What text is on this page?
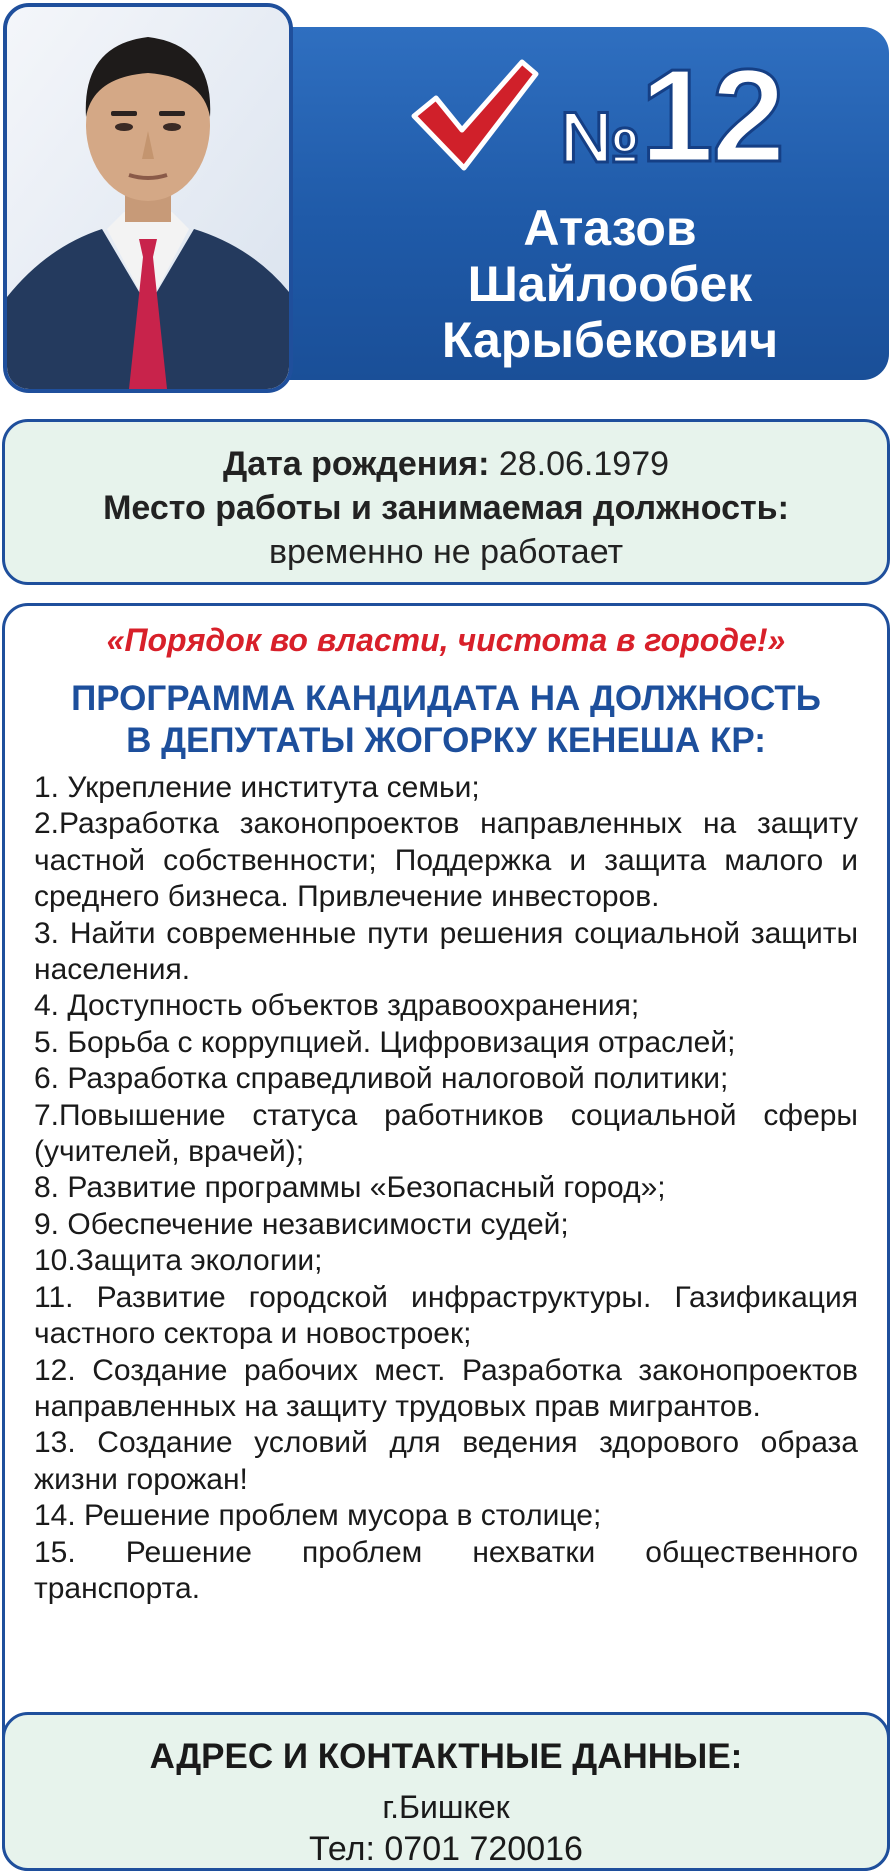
№ 12
Атазов
Шайлообек
Карыбекович
Дата рождения: 28.06.1979
Место работы и занимаемая должность:
временно не работает
«Порядок во власти, чистота в городе!»
ПРОГРАММА КАНДИДАТА НА ДОЛЖНОСТЬ
В ДЕПУТАТЫ ЖОГОРКУ КЕНЕША КР:
1. Укрепление института семьи;
2.Разработка законопроектов направленных на защиту частной собственности; Поддержка и защита малого и среднего бизнеса. Привлечение инвесторов.
3. Найти современные пути решения социальной защиты населения.
4. Доступность объектов здравоохранения;
5. Борьба с коррупцией. Цифровизация отраслей;
6. Разработка справедливой налоговой политики;
7.Повышение статуса работников социальной сферы (учителей, врачей);
8. Развитие программы «Безопасный город»;
9. Обеспечение независимости судей;
10.Защита экологии;
11. Развитие городской инфраструктуры. Газификация частного сектора и новостроек;
12. Создание рабочих мест. Разработка законопроектов направленных на защиту трудовых прав мигрантов.
13. Создание условий для ведения здорового образа жизни горожан!
14. Решение проблем мусора в столице;
15. Решение проблем нехватки общественного транспорта.
АДРЕС И КОНТАКТНЫЕ ДАННЫЕ:
г.Бишкек
Тел: 0701 720016
